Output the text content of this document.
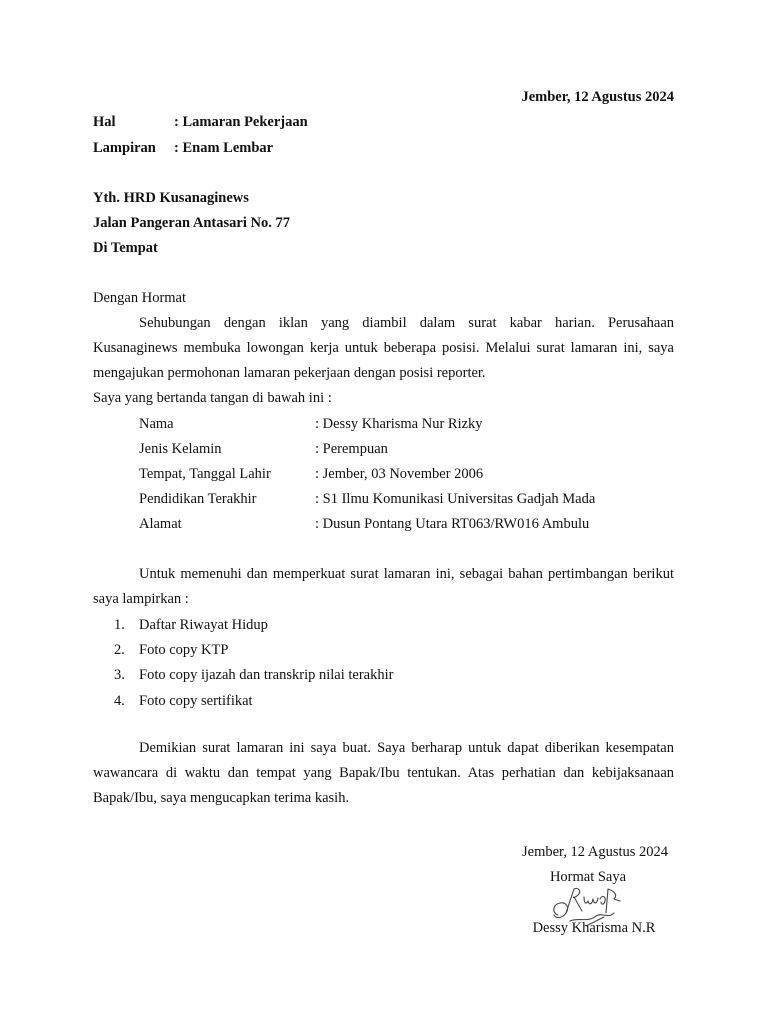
Jember, 12 Agustus 2024
Hal	: Lamaran Pekerjaan
Lampiran : Enam Lembar
Yth. HRD Kusanaginews
Jalan Pangeran Antasari No. 77
Di Tempat
Dengan Hormat
Sehubungan dengan iklan yang diambil dalam surat kabar harian. Perusahaan Kusanaginews membuka lowongan kerja untuk beberapa posisi. Melalui surat lamaran ini, saya mengajukan permohonan lamaran pekerjaan dengan posisi reporter.
Saya yang bertanda tangan di bawah ini :
Nama	: Dessy Kharisma Nur Rizky
Jenis Kelamin	: Perempuan
Tempat, Tanggal Lahir	: Jember, 03 November 2006
Pendidikan Terakhir	: S1 Ilmu Komunikasi Universitas Gadjah Mada
Alamat	: Dusun Pontang Utara RT063/RW016 Ambulu
Untuk memenuhi dan memperkuat surat lamaran ini, sebagai bahan pertimbangan berikut saya lampirkan :
1. Daftar Riwayat Hidup
2. Foto copy KTP
3. Foto copy ijazah dan transkrip nilai terakhir
4. Foto copy sertifikat
Demikian surat lamaran ini saya buat. Saya berharap untuk dapat diberikan kesempatan wawancara di waktu dan tempat yang Bapak/Ibu tentukan. Atas perhatian dan kebijaksanaan Bapak/Ibu, saya mengucapkan terima kasih.
Jember, 12 Agustus 2024
Hormat Saya
Dessy Kharisma N.R
